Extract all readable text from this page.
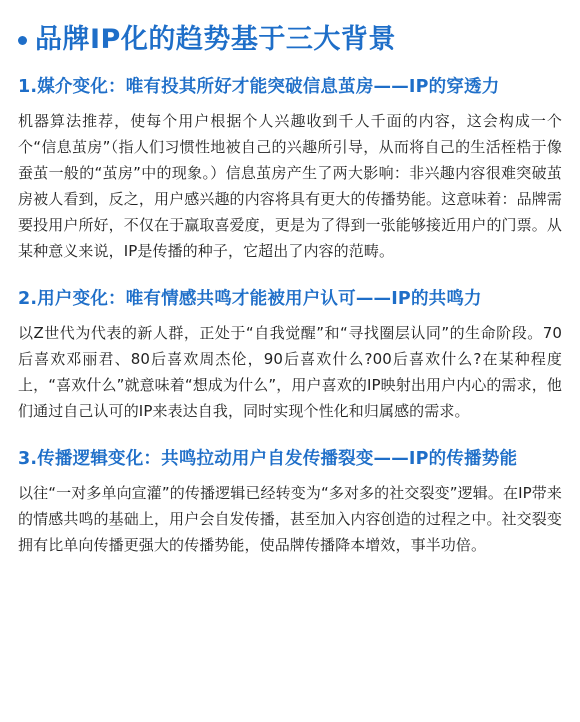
品牌IP化的趋势基于三大背景
1.媒介变化：唯有投其所好才能突破信息茧房——IP的穿透力

机器算法推荐，使每个用户根据个人兴趣收到千人千面的内容，这会构成一个个“信息茧房”（指人们习惯性地被自己的兴趣所引导，从而将自己的生活桎梏于像蚕茧一般的“茧房”中的现象。）信息茧房产生了两大影响：非兴趣内容很难突破茧房被人看到，反之，用户感兴趣的内容将具有更大的传播势能。这意味着：品牌需要投用户所好，不仅在于赢取喜爱度，更是为了得到一张能够接近用户的门票。从某种意义来说，IP是传播的种子，它超出了内容的范畴。

2.用户变化：唯有情感共鸣才能被用户认可——IP的共鸣力

以Z世代为代表的新人群，正处于“自我觉醒”和“寻找圈层认同”的生命阶段。70后喜欢邓丽君、80后喜欢周杰伦，90后喜欢什么?00后喜欢什么?在某种程度上，“喜欢什么”就意味着“想成为什么”，用户喜欢的IP映射出用户内心的需求，他们通过自己认可的IP来表达自我，同时实现个性化和归属感的需求。

3.传播逻辑变化：共鸣拉动用户自发传播裂变——IP的传播势能

以往“一对多单向宣灌”的传播逻辑已经转变为“多对多的社交裂变”逻辑。在IP带来的情感共鸣的基础上，用户会自发传播，甚至加入内容创造的过程之中。社交裂变拥有比单向传播更强大的传播势能，使品牌传播降本增效，事半功倍。
